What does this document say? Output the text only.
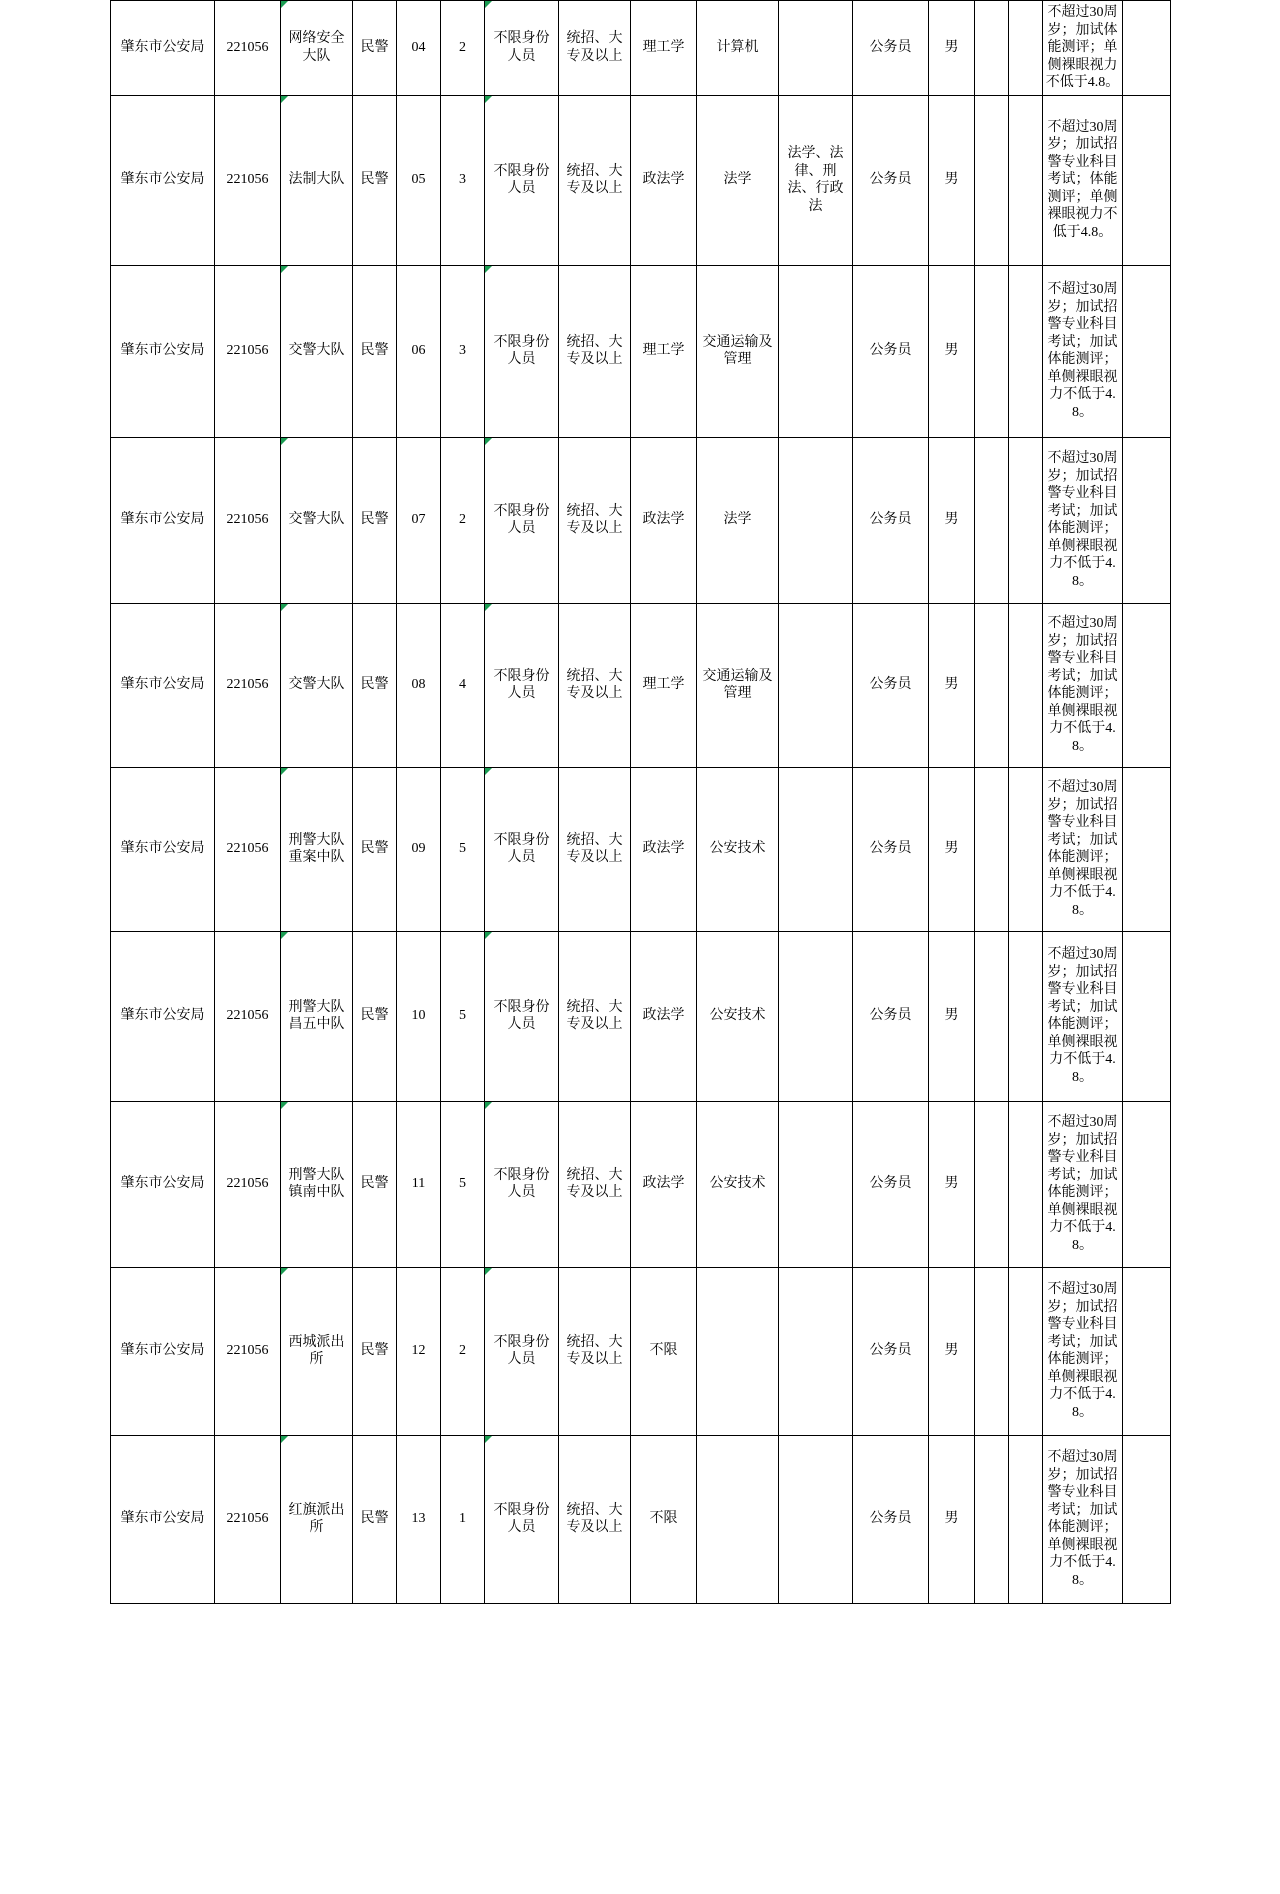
肇东市公安局	221056	网络安全大队	民警	04	2	不限身份人员	统招、大专及以上	理工学	计算机		公务员	男			不超过30周岁；加试体能测评；单侧裸眼视力不低于4.8。	

肇东市公安局	221056	法制大队	民警	05	3	不限身份人员	统招、大专及以上	政法学	法学	法学、法律、刑法、行政法	公务员	男			不超过30周岁；加试招警专业科目考试；体能测评；单侧裸眼视力不低于4.8。	

肇东市公安局	221056	交警大队	民警	06	3	不限身份人员	统招、大专及以上	理工学	交通运输及管理		公务员	男			不超过30周岁；加试招警专业科目考试；加试体能测评；单侧裸眼视力不低于4.8。	

肇东市公安局	221056	交警大队	民警	07	2	不限身份人员	统招、大专及以上	政法学	法学		公务员	男			不超过30周岁；加试招警专业科目考试；加试体能测评；单侧裸眼视力不低于4.8。	

肇东市公安局	221056	交警大队	民警	08	4	不限身份人员	统招、大专及以上	理工学	交通运输及管理		公务员	男			不超过30周岁；加试招警专业科目考试；加试体能测评；单侧裸眼视力不低于4.8。	

肇东市公安局	221056	刑警大队重案中队	民警	09	5	不限身份人员	统招、大专及以上	政法学	公安技术		公务员	男			不超过30周岁；加试招警专业科目考试；加试体能测评；单侧裸眼视力不低于4.8。	

肇东市公安局	221056	刑警大队昌五中队	民警	10	5	不限身份人员	统招、大专及以上	政法学	公安技术		公务员	男			不超过30周岁；加试招警专业科目考试；加试体能测评；单侧裸眼视力不低于4.8。	

肇东市公安局	221056	刑警大队镇南中队	民警	11	5	不限身份人员	统招、大专及以上	政法学	公安技术		公务员	男			不超过30周岁；加试招警专业科目考试；加试体能测评；单侧裸眼视力不低于4.8。	

肇东市公安局	221056	西城派出所	民警	12	2	不限身份人员	统招、大专及以上	不限			公务员	男			不超过30周岁；加试招警专业科目考试；加试体能测评；单侧裸眼视力不低于4.8。	

肇东市公安局	221056	红旗派出所	民警	13	1	不限身份人员	统招、大专及以上	不限			公务员	男			不超过30周岁；加试招警专业科目考试；加试体能测评；单侧裸眼视力不低于4.8。	
